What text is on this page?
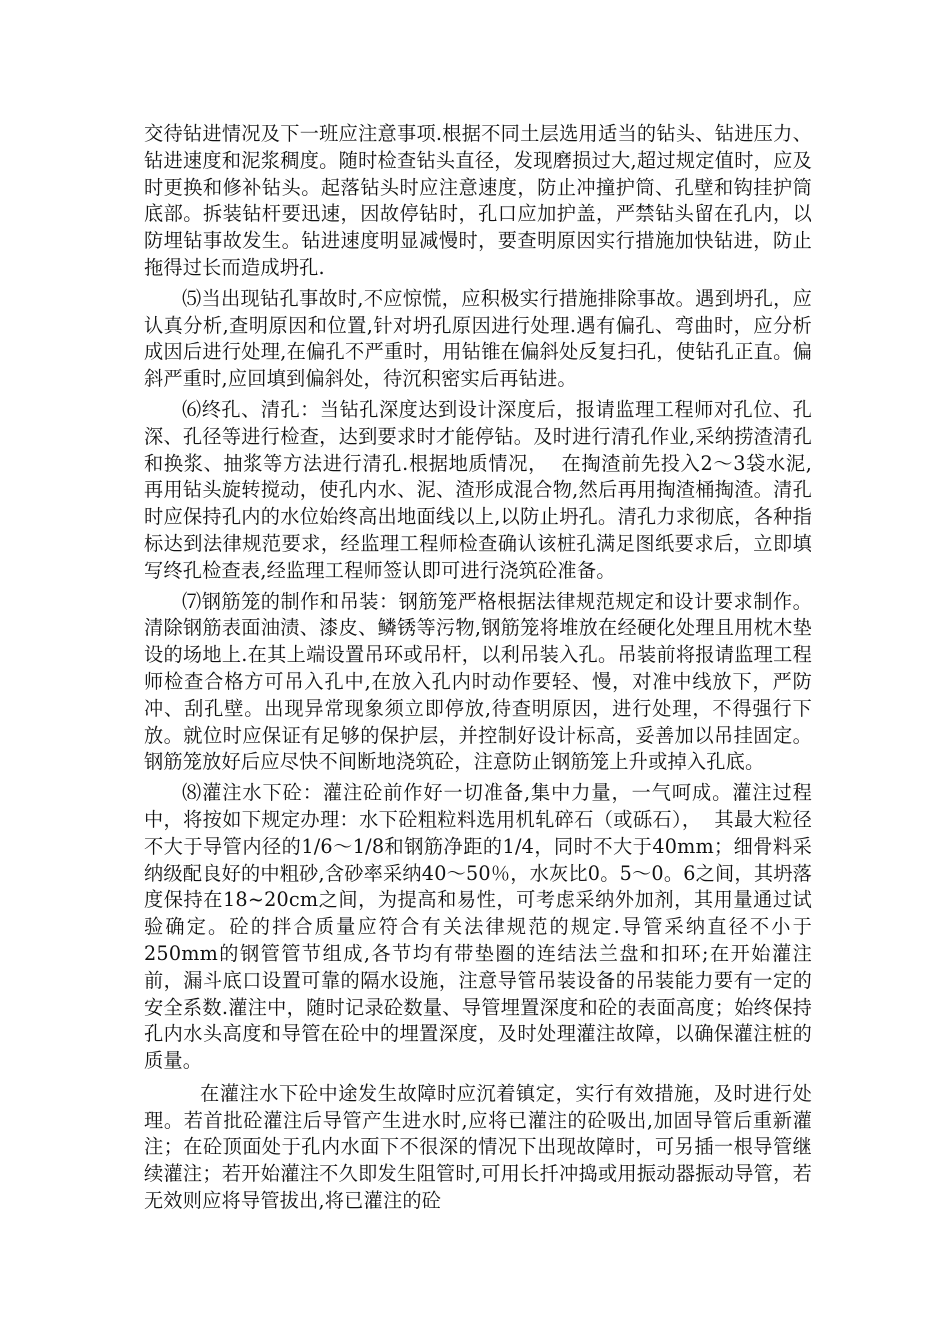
交待钻进情况及下一班应注意事项.根据不同土层选用适当的钻头、钻进压力、钻进速度和泥浆稠度。随时检查钻头直径，发现磨损过大,超过规定值时，应及时更换和修补钻头。起落钻头时应注意速度，防止冲撞护筒、孔壁和钩挂护筒底部。拆装钻杆要迅速，因故停钻时，孔口应加护盖，严禁钻头留在孔内，以防埋钻事故发生。钻进速度明显减慢时，要查明原因实行措施加快钻进，防止拖得过长而造成坍孔.

⑸当出现钻孔事故时,不应惊慌，应积极实行措施排除事故。遇到坍孔，应认真分析,查明原因和位置,针对坍孔原因进行处理.遇有偏孔、弯曲时，应分析成因后进行处理,在偏孔不严重时，用钻锥在偏斜处反复扫孔，使钻孔正直。偏斜严重时,应回填到偏斜处，待沉积密实后再钻进。

⑹终孔、清孔：当钻孔深度达到设计深度后，报请监理工程师对孔位、孔深、孔径等进行检查，达到要求时才能停钻。及时进行清孔作业,采纳捞渣清孔和换浆、抽浆等方法进行清孔.根据地质情况，  在掏渣前先投入2～3袋水泥,再用钻头旋转搅动，使孔内水、泥、渣形成混合物,然后再用掏渣桶掏渣。清孔时应保持孔内的水位始终高出地面线以上,以防止坍孔。清孔力求彻底，各种指标达到法律规范要求，经监理工程师检查确认该桩孔满足图纸要求后，立即填写终孔检查表,经监理工程师签认即可进行浇筑砼准备。

⑺钢筋笼的制作和吊装：钢筋笼严格根据法律规范规定和设计要求制作。清除钢筋表面油渍、漆皮、鳞锈等污物,钢筋笼将堆放在经硬化处理且用枕木垫设的场地上.在其上端设置吊环或吊杆，以利吊装入孔。吊装前将报请监理工程师检查合格方可吊入孔中,在放入孔内时动作要轻、慢，对准中线放下，严防冲、刮孔壁。出现异常现象须立即停放,待查明原因，进行处理，不得强行下放。就位时应保证有足够的保护层，并控制好设计标高，妥善加以吊挂固定。钢筋笼放好后应尽快不间断地浇筑砼，注意防止钢筋笼上升或掉入孔底。

⑻灌注水下砼：灌注砼前作好一切准备,集中力量，一气呵成。灌注过程中，将按如下规定办理：水下砼粗粒料选用机轧碎石（或砾石），  其最大粒径不大于导管内径的1/6～1/8和钢筋净距的1/4，同时不大于40mm；细骨料采纳级配良好的中粗砂,含砂率采纳40～50％，水灰比0。5～0。6之间，其坍落度保持在18~20cm之间，为提高和易性，可考虑采纳外加剂，其用量通过试验确定。砼的拌合质量应符合有关法律规范的规定.导管采纳直径不小于250mm的钢管管节组成,各节均有带垫圈的连结法兰盘和扣环;在开始灌注前，漏斗底口设置可靠的隔水设施，注意导管吊装设备的吊装能力要有一定的安全系数.灌注中，随时记录砼数量、导管埋置深度和砼的表面高度；始终保持孔内水头高度和导管在砼中的埋置深度，及时处理灌注故障，以确保灌注桩的质量。

在灌注水下砼中途发生故障时应沉着镇定，实行有效措施，及时进行处理。若首批砼灌注后导管产生进水时,应将已灌注的砼吸出,加固导管后重新灌注；在砼顶面处于孔内水面下不很深的情况下出现故障时，可另插一根导管继续灌注；若开始灌注不久即发生阻管时,可用长扦冲捣或用振动器振动导管，若无效则应将导管拔出,将已灌注的砼
